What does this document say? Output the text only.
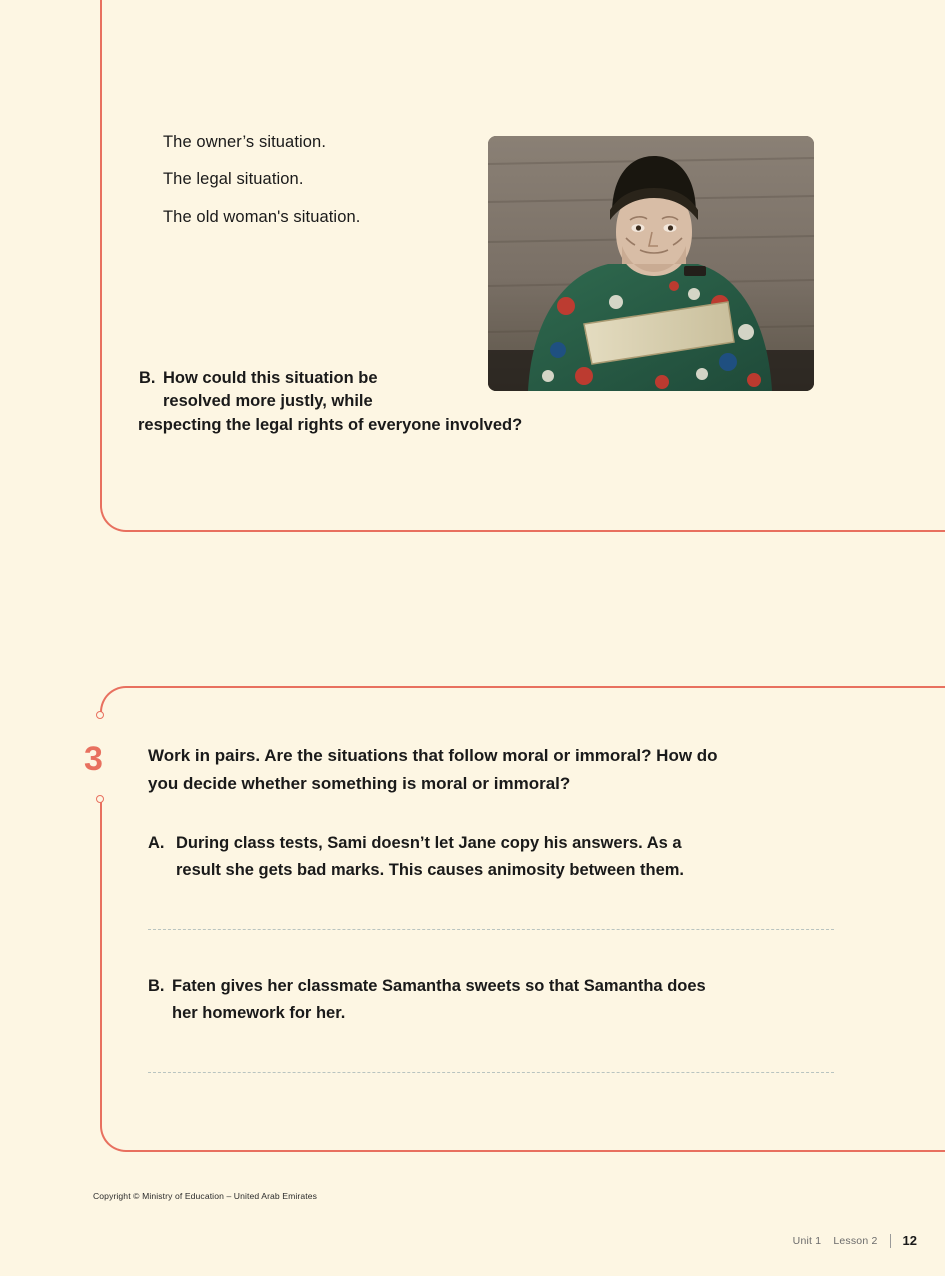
The owner’s situation.
The legal situation.
The old woman's situation.
B. How could this situation be
resolved more justly, while
respecting the legal rights of everyone involved?
3	Work in pairs. Are the situations that follow moral or immoral? How do
you decide whether something is moral or immoral?
A. During class tests, Sami doesn’t let Jane copy his answers. As a
result she gets bad marks. This causes animosity between them.
B. Faten gives her classmate Samantha sweets so that Samantha does
her homework for her.
Copyright © Ministry of Education – United Arab Emirates
Unit 1 Lesson 2	12
